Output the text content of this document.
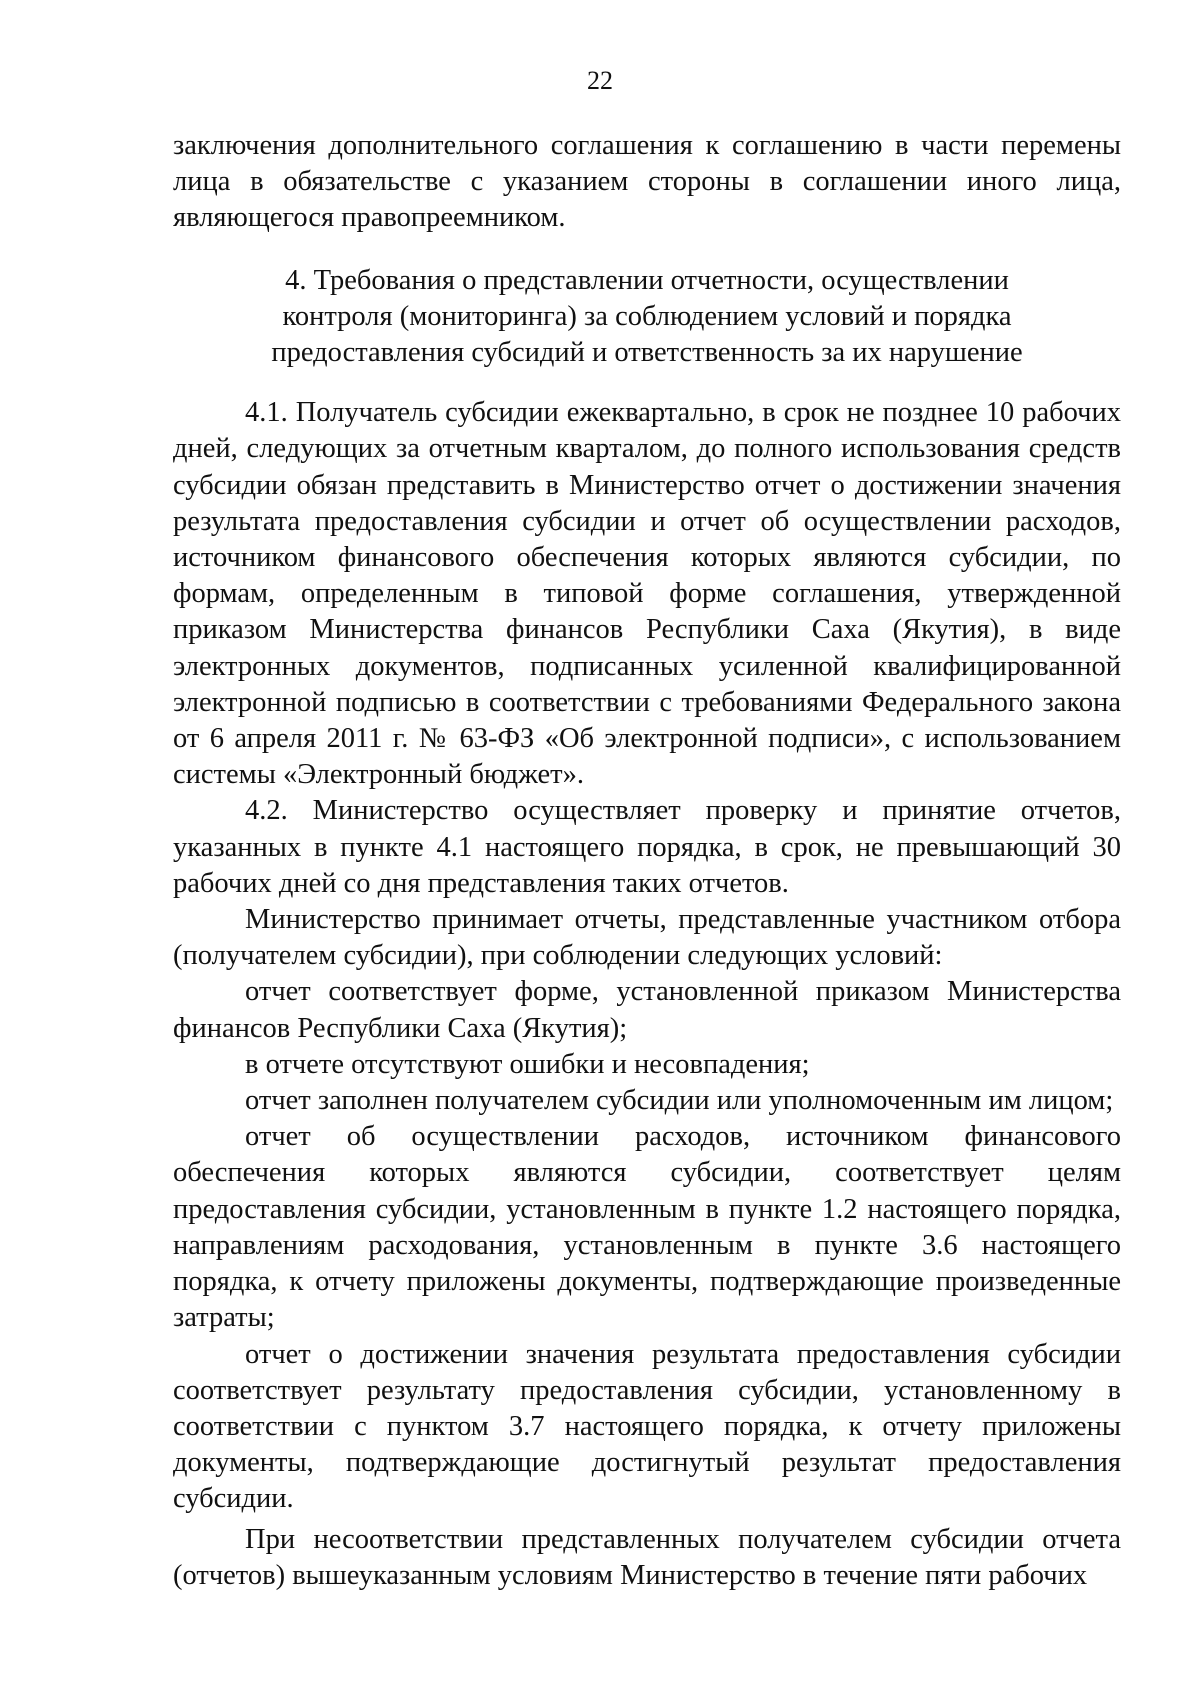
22

заключения дополнительного соглашения к соглашению в части перемены лица в обязательстве с указанием стороны в соглашении иного лица, являющегося правопреемником.

4. Требования о представлении отчетности, осуществлении
контроля (мониторинга) за соблюдением условий и порядка
предоставления субсидий и ответственность за их нарушение

4.1. Получатель субсидии ежеквартально, в срок не позднее 10 рабочих дней, следующих за отчетным кварталом, до полного использования средств субсидии обязан представить в Министерство отчет о достижении значения результата предоставления субсидии и отчет об осуществлении расходов, источником финансового обеспечения которых являются субсидии, по формам, определенным в типовой форме соглашения, утвержденной приказом Министерства финансов Республики Саха (Якутия), в виде электронных документов, подписанных усиленной квалифицированной электронной подписью в соответствии с требованиями Федерального закона от 6 апреля 2011 г. № 63-ФЗ «Об электронной подписи», с использованием системы «Электронный бюджет».

4.2. Министерство осуществляет проверку и принятие отчетов, указанных в пункте 4.1 настоящего порядка, в срок, не превышающий 30 рабочих дней со дня представления таких отчетов.

Министерство принимает отчеты, представленные участником отбора (получателем субсидии), при соблюдении следующих условий:

отчет соответствует форме, установленной приказом Министерства финансов Республики Саха (Якутия);

в отчете отсутствуют ошибки и несовпадения;

отчет заполнен получателем субсидии или уполномоченным им лицом;

отчет об осуществлении расходов, источником финансового обеспечения которых являются субсидии, соответствует целям предоставления субсидии, установленным в пункте 1.2 настоящего порядка, направлениям расходования, установленным в пункте 3.6 настоящего порядка, к отчету приложены документы, подтверждающие произведенные затраты;

отчет о достижении значения результата предоставления субсидии соответствует результату предоставления субсидии, установленному в соответствии с пунктом 3.7 настоящего порядка, к отчету приложены документы, подтверждающие достигнутый результат предоставления субсидии.

При несоответствии представленных получателем субсидии отчета (отчетов) вышеуказанным условиям Министерство в течение пяти рабочих
